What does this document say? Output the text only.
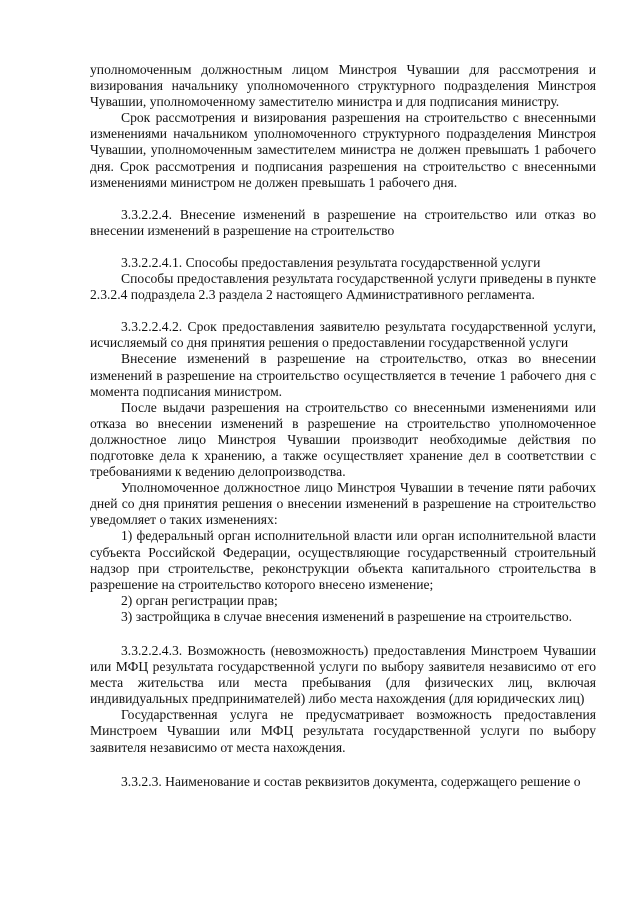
уполномоченным должностным лицом Минстроя Чувашии для рассмотрения и визирования начальнику уполномоченного структурного подразделения Минстроя Чувашии, уполномоченному заместителю министра и для подписания министру.

Срок рассмотрения и визирования разрешения на строительство с внесенными изменениями начальником уполномоченного структурного подразделения Минстроя Чувашии, уполномоченным заместителем министра не должен превышать 1 рабочего дня. Срок рассмотрения и подписания разрешения на строительство с внесенными изменениями министром не должен превышать 1 рабочего дня.

3.3.2.2.4. Внесение изменений в разрешение на строительство или отказ во внесении изменений в разрешение на строительство

3.3.2.2.4.1. Способы предоставления результата государственной услуги

Способы предоставления результата государственной услуги приведены в пункте 2.3.2.4 подраздела 2.3 раздела 2 настоящего Административного регламента.

3.3.2.2.4.2. Срок предоставления заявителю результата государственной услуги, исчисляемый со дня принятия решения о предоставлении государственной услуги

Внесение изменений в разрешение на строительство, отказ во внесении изменений в разрешение на строительство осуществляется в течение 1 рабочего дня с момента подписания министром.

После выдачи разрешения на строительство со внесенными изменениями или отказа во внесении изменений в разрешение на строительство уполномоченное должностное лицо Минстроя Чувашии производит необходимые действия по подготовке дела к хранению, а также осуществляет хранение дел в соответствии с требованиями к ведению делопроизводства.

Уполномоченное должностное лицо Минстроя Чувашии в течение пяти рабочих дней со дня принятия решения о внесении изменений в разрешение на строительство уведомляет о таких изменениях:

1) федеральный орган исполнительной власти или орган исполнительной власти субъекта Российской Федерации, осуществляющие государственный строительный надзор при строительстве, реконструкции объекта капитального строительства в разрешение на строительство которого внесено изменение;

2) орган регистрации прав;

3) застройщика в случае внесения изменений в разрешение на строительство.

3.3.2.2.4.3. Возможность (невозможность) предоставления Минстроем Чувашии или МФЦ результата государственной услуги по выбору заявителя независимо от его места жительства или места пребывания (для физических лиц, включая индивидуальных предпринимателей) либо места нахождения (для юридических лиц)

Государственная услуга не предусматривает возможность предоставления Минстроем Чувашии или МФЦ результата государственной услуги по выбору заявителя независимо от места нахождения.

3.3.2.3. Наименование и состав реквизитов документа, содержащего решение о
